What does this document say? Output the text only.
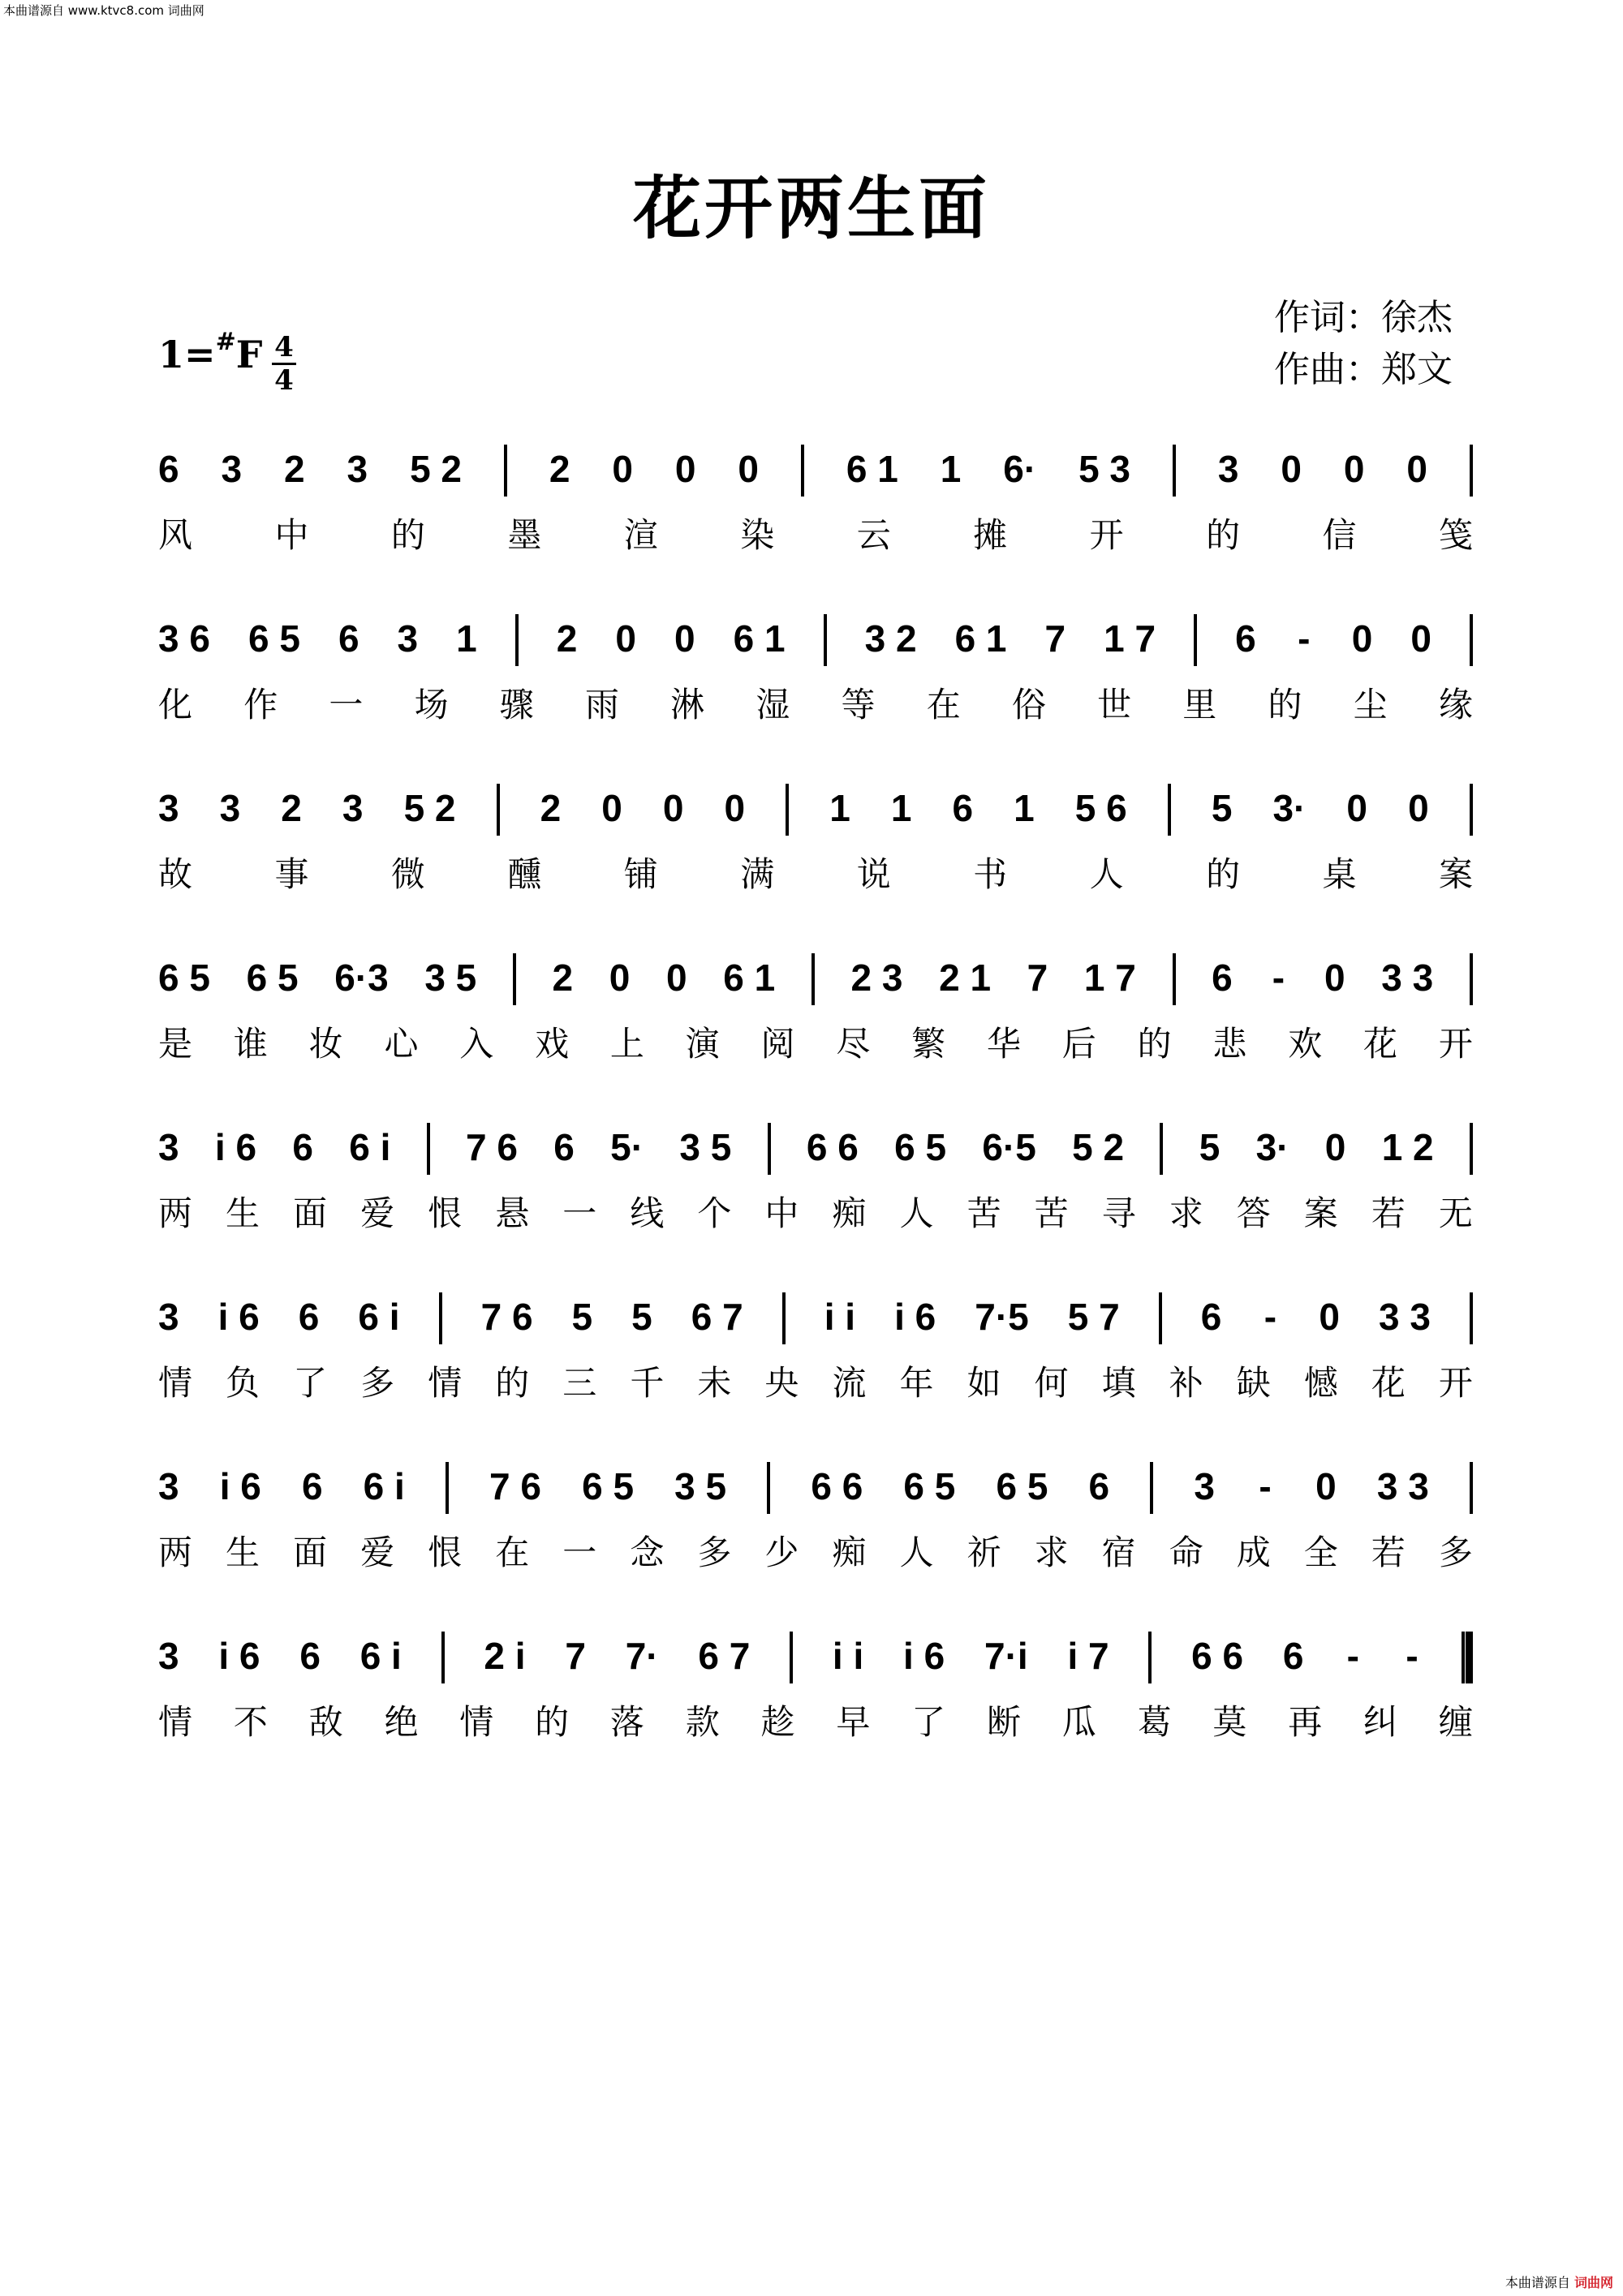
本曲谱源自 www.ktvc8.com 词曲网
花开两生面
作词：徐杰
作曲：郑文
1=#F 4
4
6 3 2 3 5 2 2 0 0 0 6 1 1 6· 5 3 3 0 0 0
风 中 的 墨 渲 染 云 摊 开 的 信 笺
3 6 6 5 6 3 1 2 0 0 6 1 3 2 6 1 7 1 7 6 - 0 0
化 作 一 场 骤 雨 淋 湿 等 在 俗 世 里 的 尘 缘
3 3 2 3 5 2 2 0 0 0 1 1 6 1 5 6 5 3· 0 0
故 事 微 醺 铺 满 说 书 人 的 桌 案
6 5 6 5 6·3 3 5 2 0 0 6 1 2 3 2 1 7 1 7 6 - 0 3 3
是 谁 妆 心 入 戏 上 演 阅 尽 繁 华 后 的 悲 欢 花 开
3 i 6 6 6 i 7 6 6 5· 3 5 6 6 6 5 6·5 5 2 5 3· 0 1 2
两 生 面 爱 恨 悬 一 线 个 中 痴 人 苦 苦 寻 求 答 案 若 无
3 i 6 6 6 i 7 6 5 5 6 7 i i i 6 7·5 5 7 6 - 0 3 3
情 负 了 多 情 的 三 千 未 央 流 年 如 何 填 补 缺 憾 花 开
3 i 6 6 6 i 7 6 6 5 3 5 6 6 6 5 6 5 6 3 - 0 3 3
两 生 面 爱 恨 在 一 念 多 少 痴 人 祈 求 宿 命 成 全 若 多
3 i 6 6 6 i 2 i 7 7· 6 7 i i i 6 7·i i 7 6 6 6 - -
情 不 敌 绝 情 的 落 款 趁 早 了 断 瓜 葛 莫 再 纠 缠
本曲谱源自 词曲网
